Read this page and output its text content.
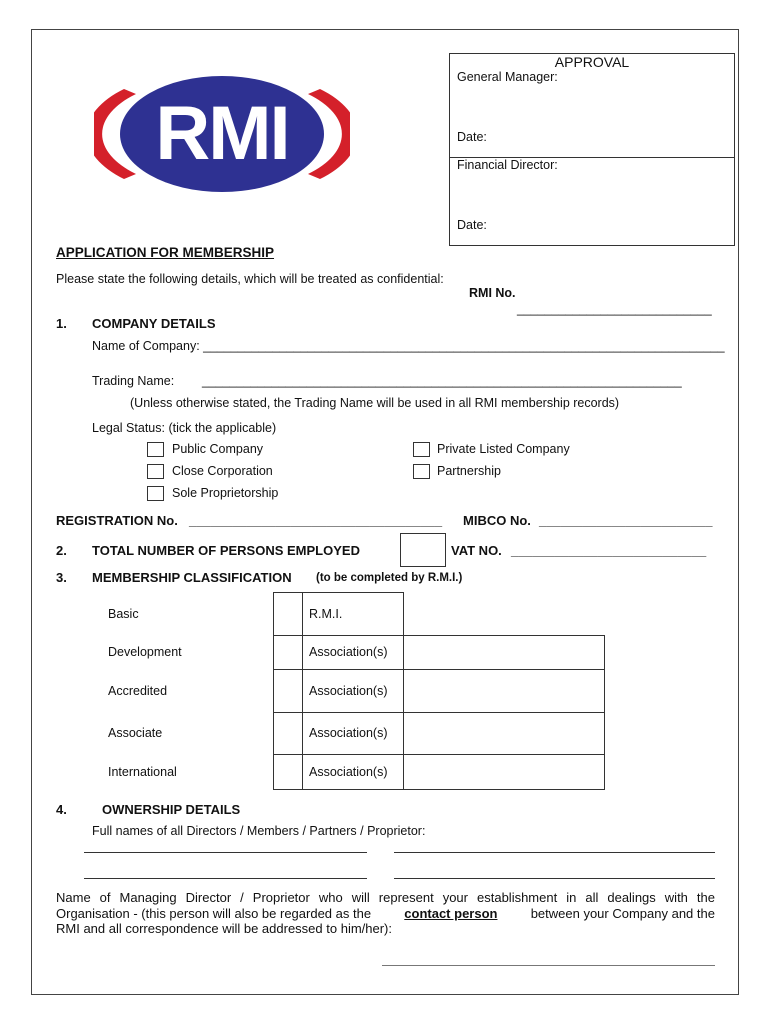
RMI
APPROVAL
General Manager:
Date:
Financial Director:
Date:
APPLICATION FOR MEMBERSHIP
Please state the following details, which will be treated as confidential:
RMI No.
____________________________
1. COMPANY DETAILS
Name of Company: ___________________________________________________________________________
Trading Name: _____________________________________________________________________
(Unless otherwise stated, the Trading Name will be used in all RMI membership records)
Legal Status: (tick the applicable)
Public Company
Close Corporation
Sole Proprietorship
Private Listed Company
Partnership
REGISTRATION No. ___________________________________ MIBCO No. ________________________
2. TOTAL NUMBER OF PERSONS EMPLOYED	VAT NO. ___________________________
3. MEMBERSHIP CLASSIFICATION (to be completed by R.M.I.)
Basic	R.M.I.
Development	Association(s)
Accredited	Association(s)
Associate	Association(s)
International	Association(s)
4.	OWNERSHIP DETAILS
Full names of all Directors / Members / Partners / Proprietor:
Name of Managing Director / Proprietor who will represent your establishment in all dealings with the
Organisation - (this person will also be regarded as the	contact person	between your Company and the
RMI and all correspondence will be addressed to him/her):
